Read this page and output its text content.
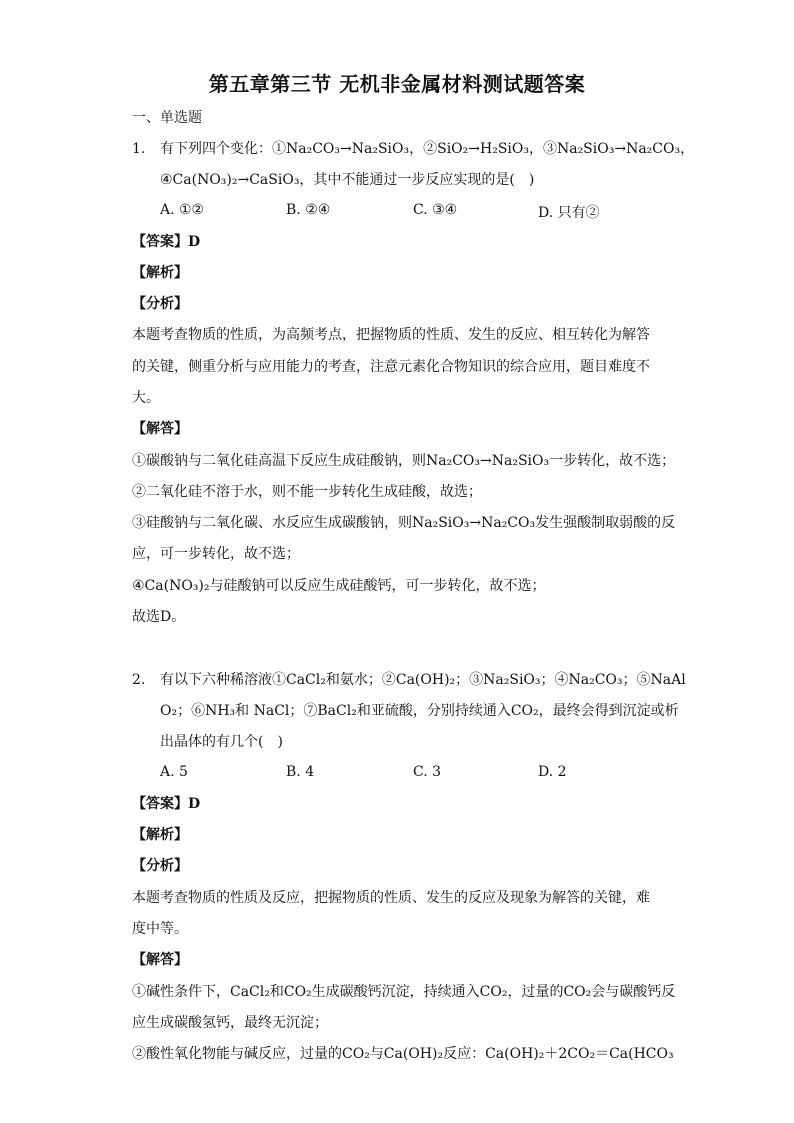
第五章第三节 无机非金属材料测试题答案
一、单选题
1. 有下列四个变化：①Na₂CO₃→Na₂SiO₃，②SiO₂→H₂SiO₃，③Na₂SiO₃→Na₂CO₃，
④Ca(NO₃)₂→CaSiO₃，其中不能通过一步反应实现的是(　)
A. ①②	B. ②④	C. ③④	D. 只有②
【答案】D
【解析】
【分析】
本题考查物质的性质，为高频考点，把握物质的性质、发生的反应、相互转化为解答
的关键，侧重分析与应用能力的考查，注意元素化合物知识的综合应用，题目难度不
大。
【解答】
①碳酸钠与二氧化硅高温下反应生成硅酸钠，则Na₂CO₃→Na₂SiO₃一步转化，故不选；
②二氧化硅不溶于水，则不能一步转化生成硅酸，故选；
③硅酸钠与二氧化碳、水反应生成碳酸钠，则Na₂SiO₃→Na₂CO₃发生强酸制取弱酸的反
应，可一步转化，故不选；
④Ca(NO₃)₂与硅酸钠可以反应生成硅酸钙，可一步转化，故不选；
故选D。
2. 有以下六种稀溶液①CaCl₂和氨水；②Ca(OH)₂；③Na₂SiO₃；④Na₂CO₃；⑤NaAl
O₂；⑥NH₃和 NaCl；⑦BaCl₂和亚硫酸，分别持续通入CO₂，最终会得到沉淀或析
出晶体的有几个(　)
A. 5	B. 4	C. 3	D. 2
【答案】D
【解析】
【分析】
本题考查物质的性质及反应，把握物质的性质、发生的反应及现象为解答的关键，难
度中等。
【解答】
①碱性条件下，CaCl₂和CO₂生成碳酸钙沉淀，持续通入CO₂，过量的CO₂会与碳酸钙反
应生成碳酸氢钙，最终无沉淀；
②酸性氧化物能与碱反应，过量的CO₂与Ca(OH)₂反应：Ca(OH)₂＋2CO₂＝Ca(HCO₃
